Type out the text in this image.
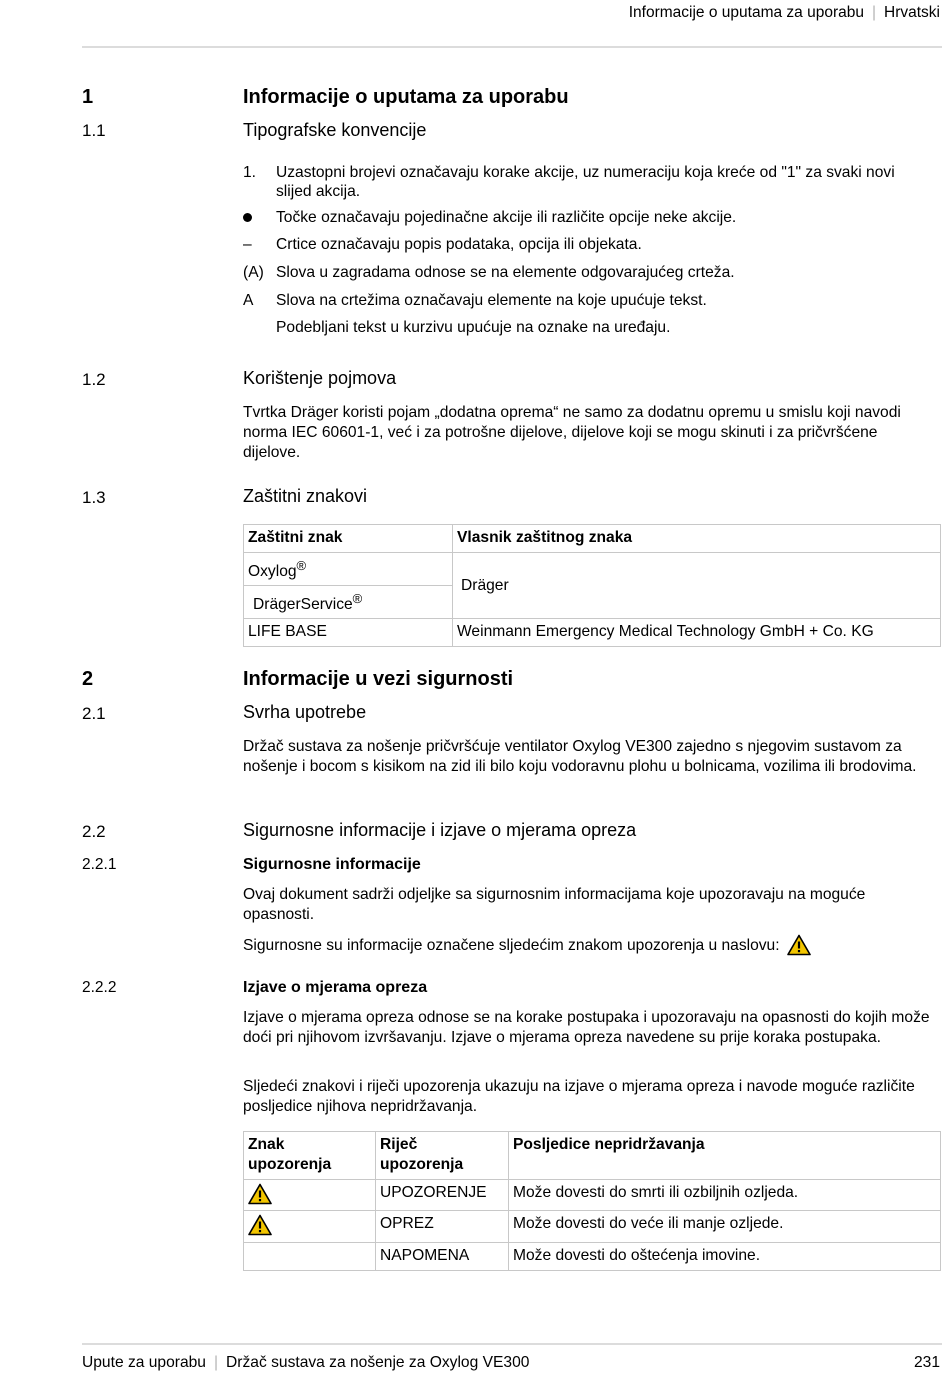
Informacije o uputama za uporabu | Hrvatski
1	Informacije o uputama za uporabu
1.1	Tipografske konvencije
1. Uzastopni brojevi označavaju korake akcije, uz numeraciju koja kreće od "1" za svaki novi slijed akcija.
Točke označavaju pojedinačne akcije ili različite opcije neke akcije.
– Crtice označavaju popis podataka, opcija ili objekata.
(A) Slova u zagradama odnose se na elemente odgovarajućeg crteža.
A Slova na crtežima označavaju elemente na koje upućuje tekst.
Podebljani tekst u kurzivu upućuje na oznake na uređaju.
1.2	Korištenje pojmova
Tvrtka Dräger koristi pojam „dodatna oprema“ ne samo za dodatnu opremu u smislu koji navodi norma IEC 60601-1, već i za potrošne dijelove, dijelove koji se mogu skinuti i za pričvršćene dijelove.
1.3	Zaštitni znakovi
Zaštitni znak	Vlasnik zaštitnog znaka
Oxylog®	Dräger
DrägerService®
LIFE BASE	Weinmann Emergency Medical Technology GmbH + Co. KG
2	Informacije u vezi sigurnosti
2.1	Svrha upotrebe
Držač sustava za nošenje pričvršćuje ventilator Oxylog VE300 zajedno s njegovim sustavom za nošenje i bocom s kisikom na zid ili bilo koju vodoravnu plohu u bolnicama, vozilima ili brodovima.
2.2	Sigurnosne informacije i izjave o mjerama opreza
2.2.1	Sigurnosne informacije
Ovaj dokument sadrži odjeljke sa sigurnosnim informacijama koje upozoravaju na moguće opasnosti.
Sigurnosne su informacije označene sljedećim znakom upozorenja u naslovu:
2.2.2	Izjave o mjerama opreza
Izjave o mjerama opreza odnose se na korake postupaka i upozoravaju na opasnosti do kojih može doći pri njihovom izvršavanju. Izjave o mjerama opreza navedene su prije koraka postupaka.
Sljedeći znakovi i riječi upozorenja ukazuju na izjave o mjerama opreza i navode moguće različite posljedice njihova nepridržavanja.
Znak upozorenja	Riječ upozorenja	Posljedice nepridržavanja

	UPOZORENJE	Može dovesti do smrti ili ozbiljnih ozljeda.

	OPREZ	Može dovesti do veće ili manje ozljede.
	NAPOMENA	Može dovesti do oštećenja imovine.
Upute za uporabu | Držač sustava za nošenje za Oxylog VE300	231
